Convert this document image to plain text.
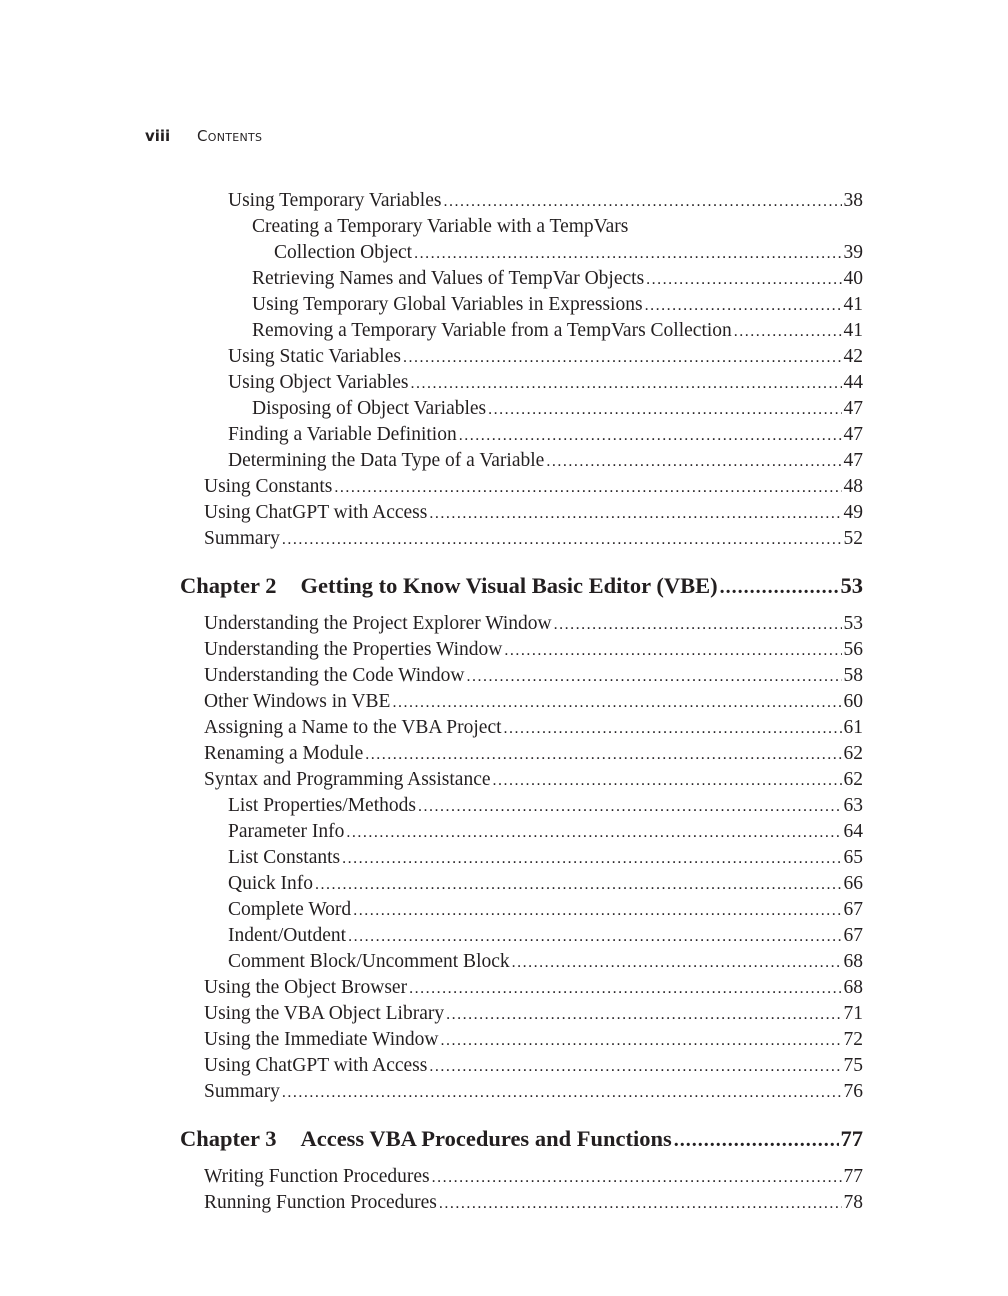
viii Contents
Using Temporary Variables .....	38
Creating a Temporary Variable with a TempVars
Collection Object .....	39
Retrieving Names and Values of TempVar Objects .....	40
Using Temporary Global Variables in Expressions .....	41
Removing a Temporary Variable from a TempVars Collection .....	41
Using Static Variables .....	42
Using Object Variables .....	44
Disposing of Object Variables .....	47
Finding a Variable Definition .....	47
Determining the Data Type of a Variable .....	47
Using Constants .....	48
Using ChatGPT with Access .....	49
Summary .....	52
Chapter 2 Getting to Know Visual Basic Editor (VBE) .....	53
Understanding the Project Explorer Window .....	53
Understanding the Properties Window .....	56
Understanding the Code Window .....	58
Other Windows in VBE .....	60
Assigning a Name to the VBA Project .....	61
Renaming a Module .....	62
Syntax and Programming Assistance .....	62
List Properties/Methods .....	63
Parameter Info .....	64
List Constants .....	65
Quick Info .....	66
Complete Word .....	67
Indent/Outdent .....	67
Comment Block/Uncomment Block .....	68
Using the Object Browser .....	68
Using the VBA Object Library .....	71
Using the Immediate Window .....	72
Using ChatGPT with Access .....	75
Summary .....	76
Chapter 3 Access VBA Procedures and Functions .....	77
Writing Function Procedures .....	77
Running Function Procedures .....	78
